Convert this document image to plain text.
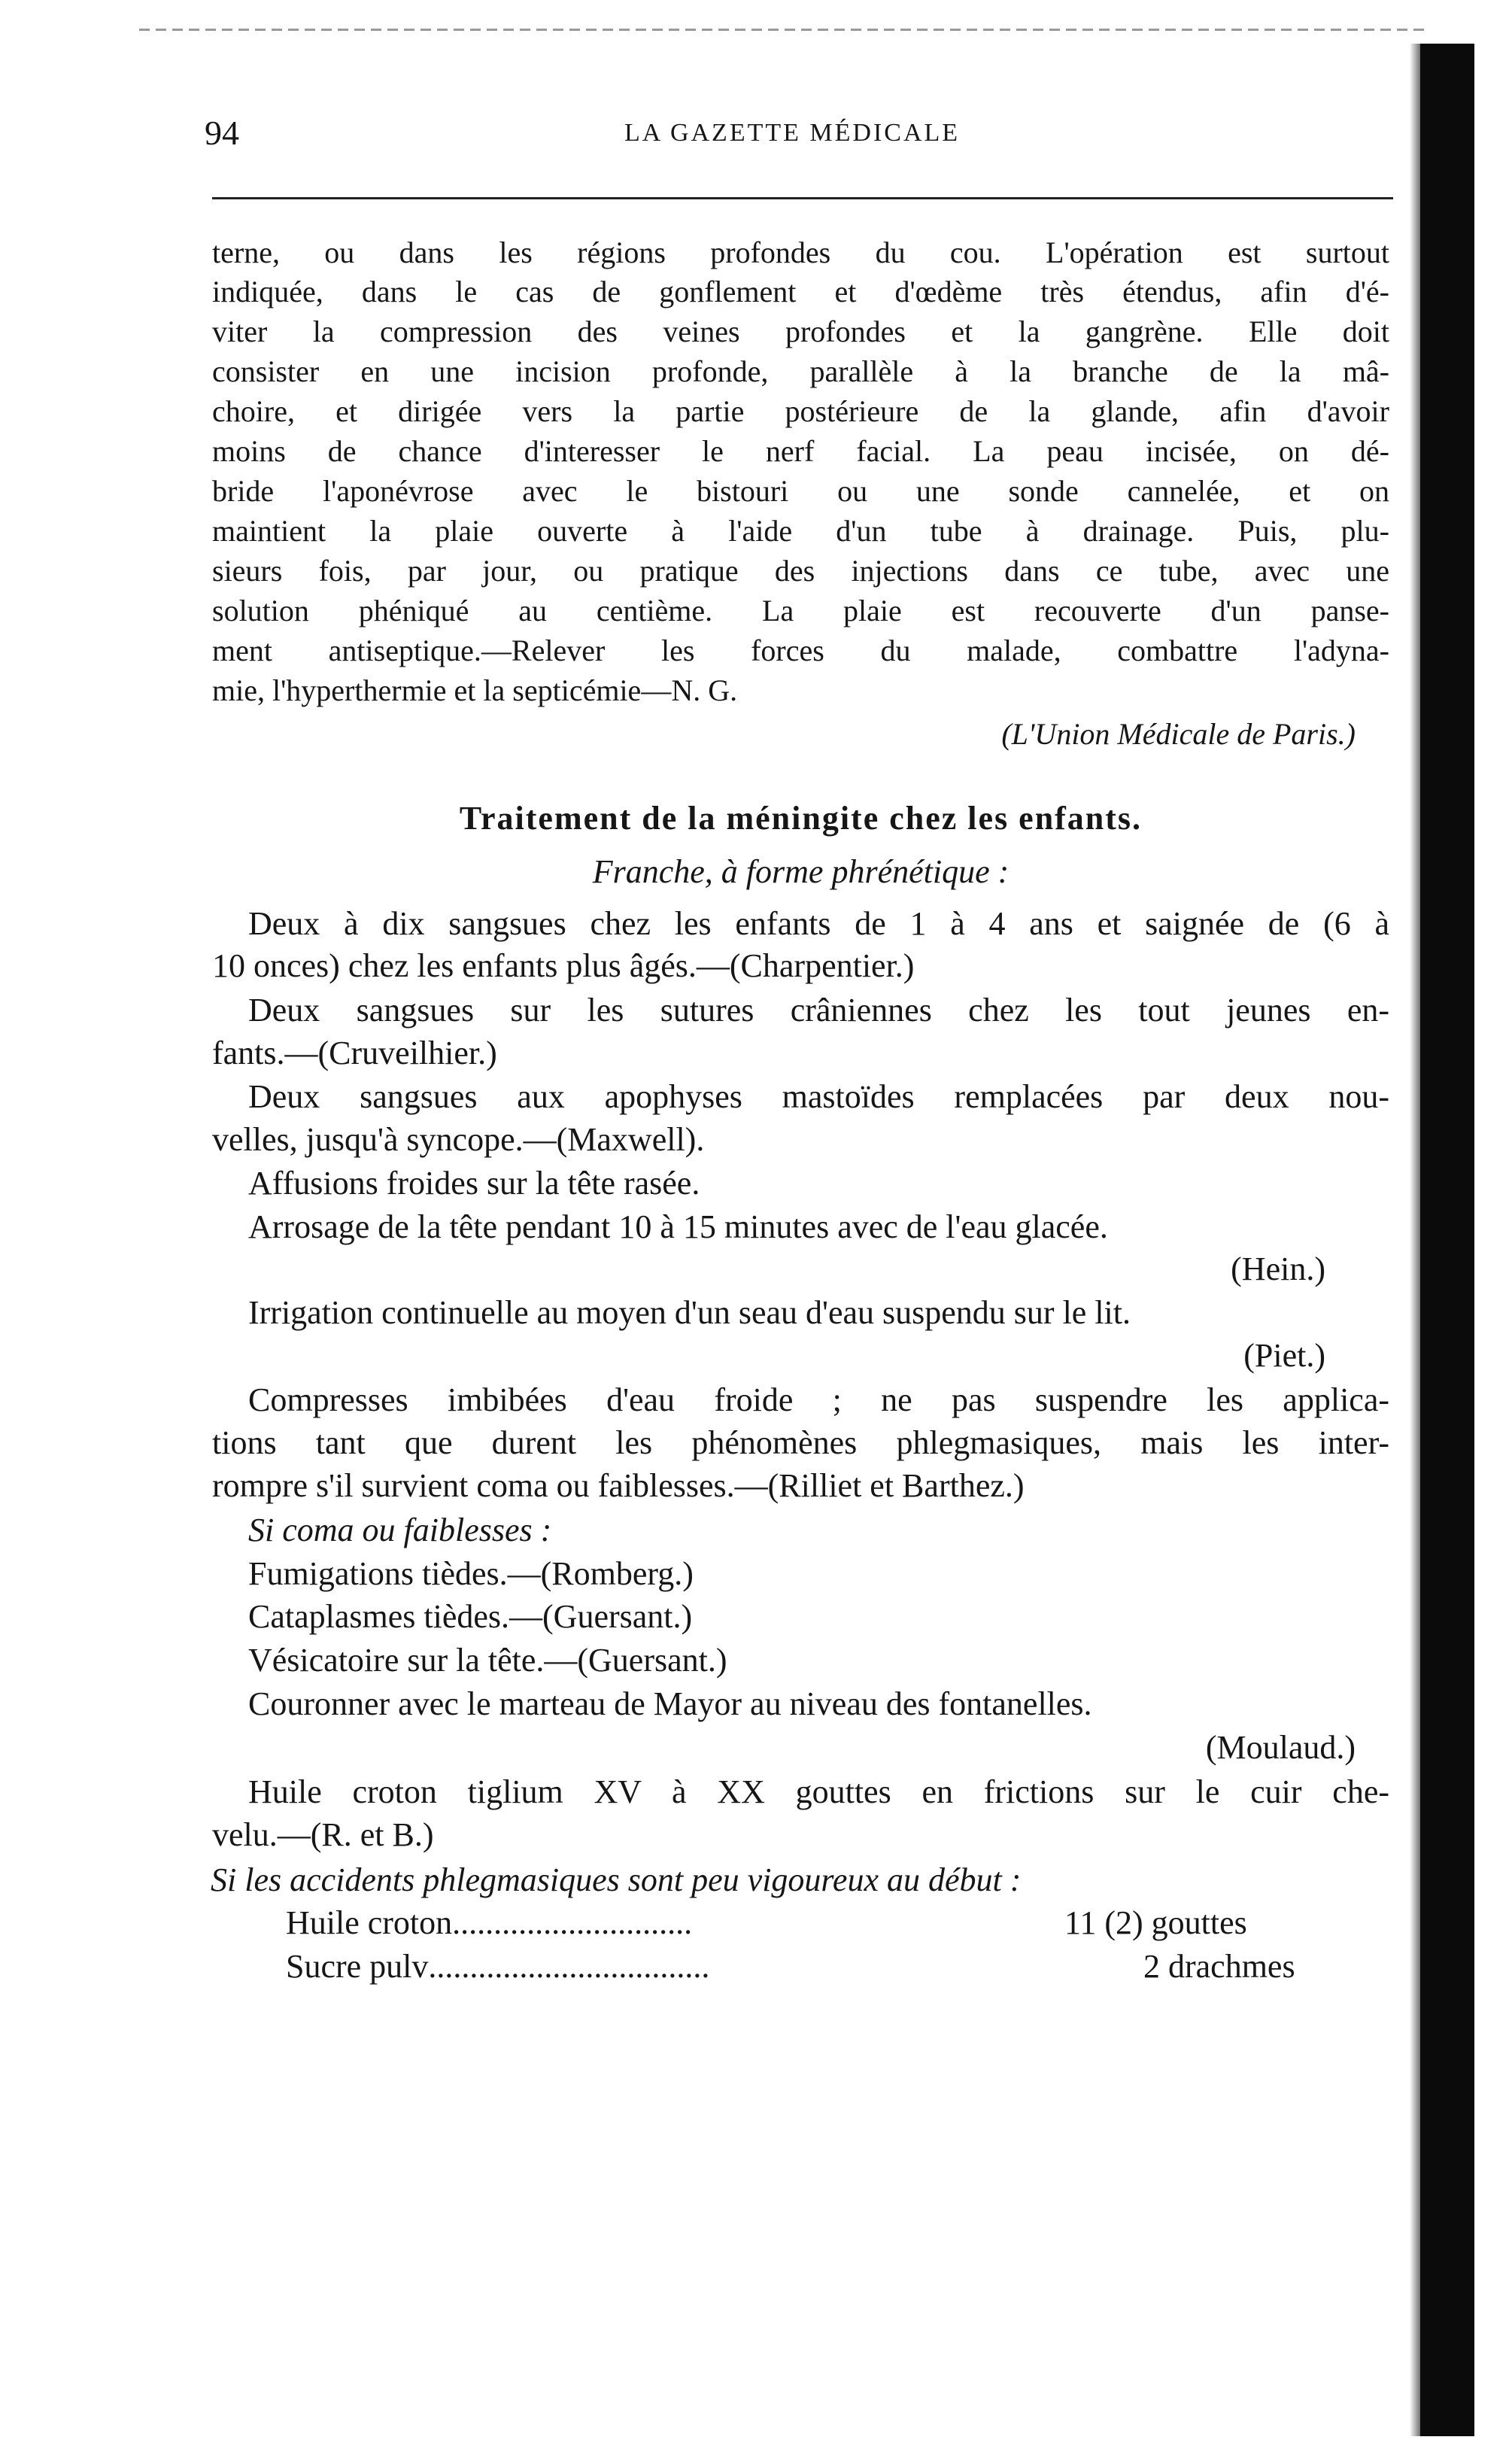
94	LA GAZETTE MÉDICALE
terne, ou dans les régions profondes du cou. L'opération est surtout
indiquée, dans le cas de gonflement et d'œdème très étendus, afin d'é-
viter la compression des veines profondes et la gangrène. Elle doit
consister en une incision profonde, parallèle à la branche de la mâ-
choire, et dirigée vers la partie postérieure de la glande, afin d'avoir
moins de chance d'interesser le nerf facial. La peau incisée, on dé-
bride l'aponévrose avec le bistouri ou une sonde cannelée, et on
maintient la plaie ouverte à l'aide d'un tube à drainage. Puis, plu-
sieurs fois, par jour, ou pratique des injections dans ce tube, avec une
solution phéniqué au centième. La plaie est recouverte d'un panse-
ment antiseptique.—Relever les forces du malade, combattre l'adyna-
mie, l'hyperthermie et la septicémie—N. G.
(L'Union Médicale de Paris.)
Traitement de la méningite chez les enfants.
Franche, à forme phrénétique :
Deux à dix sangsues chez les enfants de 1 à 4 ans et saignée de (6 à
10 onces) chez les enfants plus âgés.—(Charpentier.)
Deux sangsues sur les sutures crâniennes chez les tout jeunes en-
fants.—(Cruveilhier.)
Deux sangsues aux apophyses mastoïdes remplacées par deux nou-
velles, jusqu'à syncope.—(Maxwell).
Affusions froides sur la tête rasée.
Arrosage de la tête pendant 10 à 15 minutes avec de l'eau glacée.
(Hein.)
Irrigation continuelle au moyen d'un seau d'eau suspendu sur le lit.
(Piet.)
Compresses imbibées d'eau froide ; ne pas suspendre les applica-
tions tant que durent les phénomènes phlegmasiques, mais les inter-
rompre s'il survient coma ou faiblesses.—(Rilliet et Barthez.)
Si coma ou faiblesses :
Fumigations tièdes.—(Romberg.)
Cataplasmes tièdes.—(Guersant.)
Vésicatoire sur la tête.—(Guersant.)
Couronner avec le marteau de Mayor au niveau des fontanelles.
(Moulaud.)
Huile croton tiglium XV à XX gouttes en frictions sur le cuir che-
velu.—(R. et B.)
Si les accidents phlegmasiques sont peu vigoureux au début :
Huile croton.............................	11 (2) gouttes
Sucre pulv..................................	2 drachmes
